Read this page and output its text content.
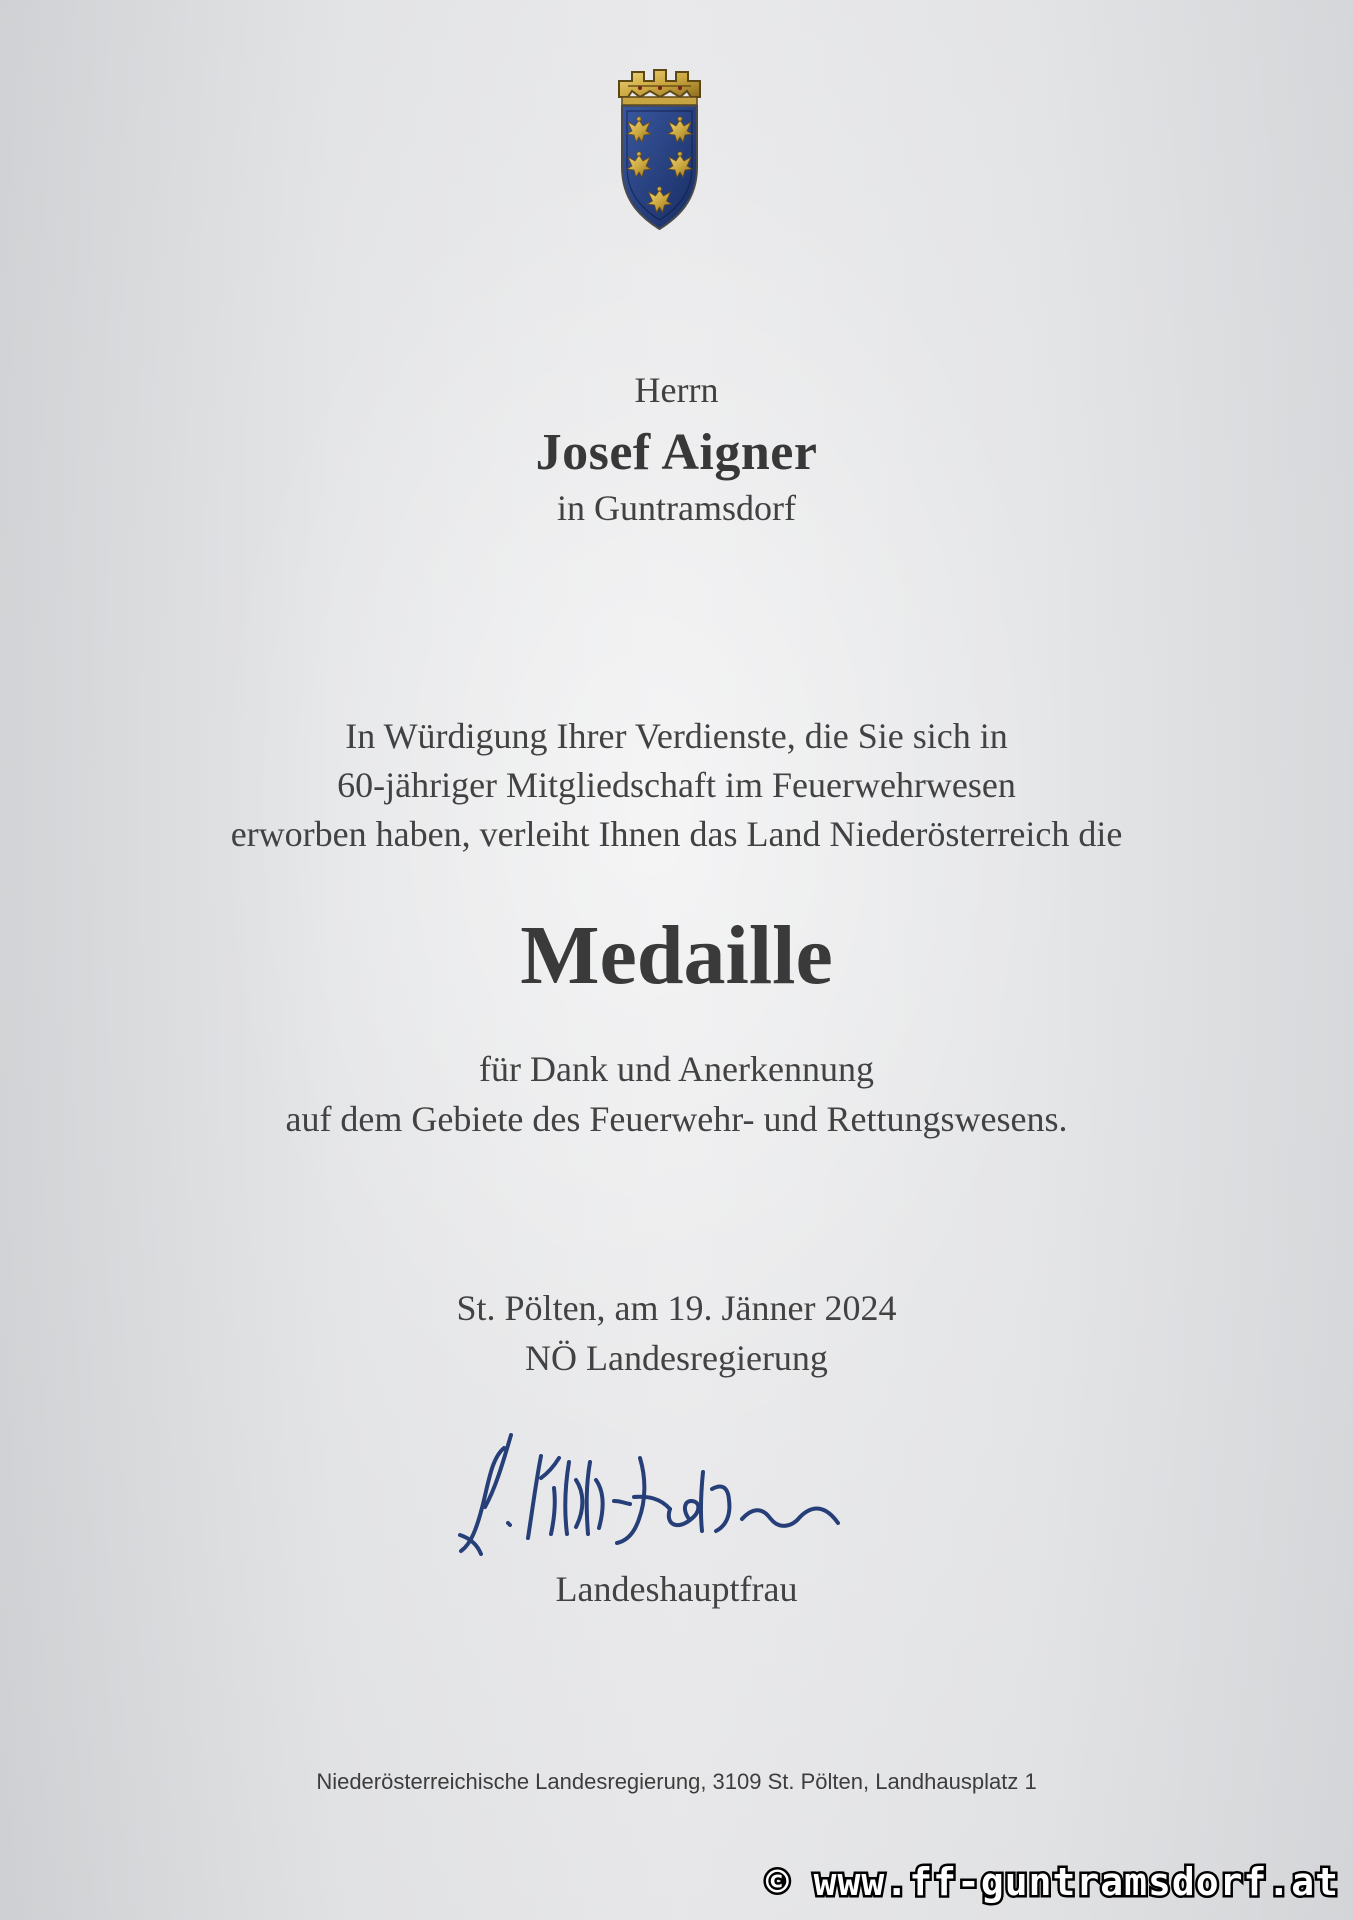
Herrn

Josef Aigner

in Guntramsdorf

In Würdigung Ihrer Verdienste, die Sie sich in
60-jähriger Mitgliedschaft im Feuerwehrwesen
erworben haben, verleiht Ihnen das Land Niederösterreich die

Medaille

für Dank und Anerkennung
auf dem Gebiete des Feuerwehr- und Rettungswesens.
St. Pölten, am 19. Jänner 2024
NÖ Landesregierung

Landeshauptfrau

Niederösterreichische Landesregierung, 3109 St. Pölten, Landhausplatz 1
© www.ff-guntramsdorf.at
